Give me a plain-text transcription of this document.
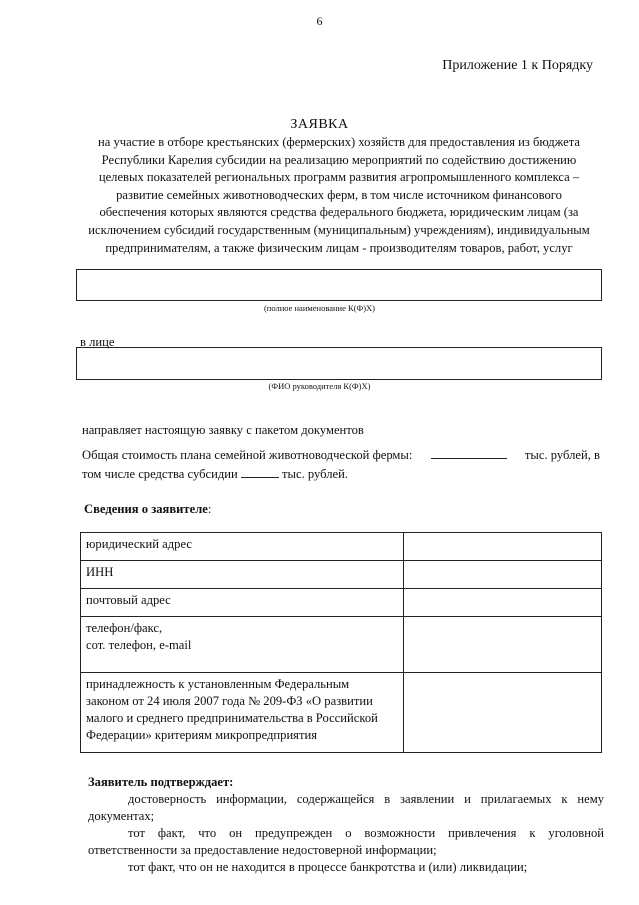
6
Приложение 1 к Порядку
ЗАЯВКА
на участие в отборе крестьянских (фермерских) хозяйств для предоставления из бюджета
Республики Карелия субсидии на реализацию мероприятий по содействию достижению
целевых показателей региональных программ развития агропромышленного комплекса –
развитие семейных животноводческих ферм, в том числе источником финансового
обеспечения которых являются средства федерального бюджета, юридическим лицам (за
исключением субсидий государственным (муниципальным) учреждениям), индивидуальным
предпринимателям, а также физическим лицам - производителям товаров, работ, услуг
(полное наименование К(Ф)Х)
в лице
(ФИО руководителя К(Ф)Х)
направляет настоящую заявку с пакетом документов
Общая стоимость плана семейной животноводческой фермы:	тыс. рублей, в
том числе средства субсидии	тыс. рублей.
Сведения о заявителе:
юридический адрес	
ИНН	
почтовый адрес	

телефон/факс,
сот. телефон, e-mail	

принадлежность к установленным Федеральным
законом от 24 июля 2007 года № 209-ФЗ «О развитии
малого и среднего предпринимательства в Российской
Федерации» критериям микропредприятия	

Заявитель подтверждает:

достоверность информации, содержащейся в заявлении и прилагаемых к нему документах;

тот факт, что он предупрежден о возможности привлечения к уголовной ответственности за предоставление недостоверной информации;

тот факт, что он не находится в процессе банкротства и (или) ликвидации;
